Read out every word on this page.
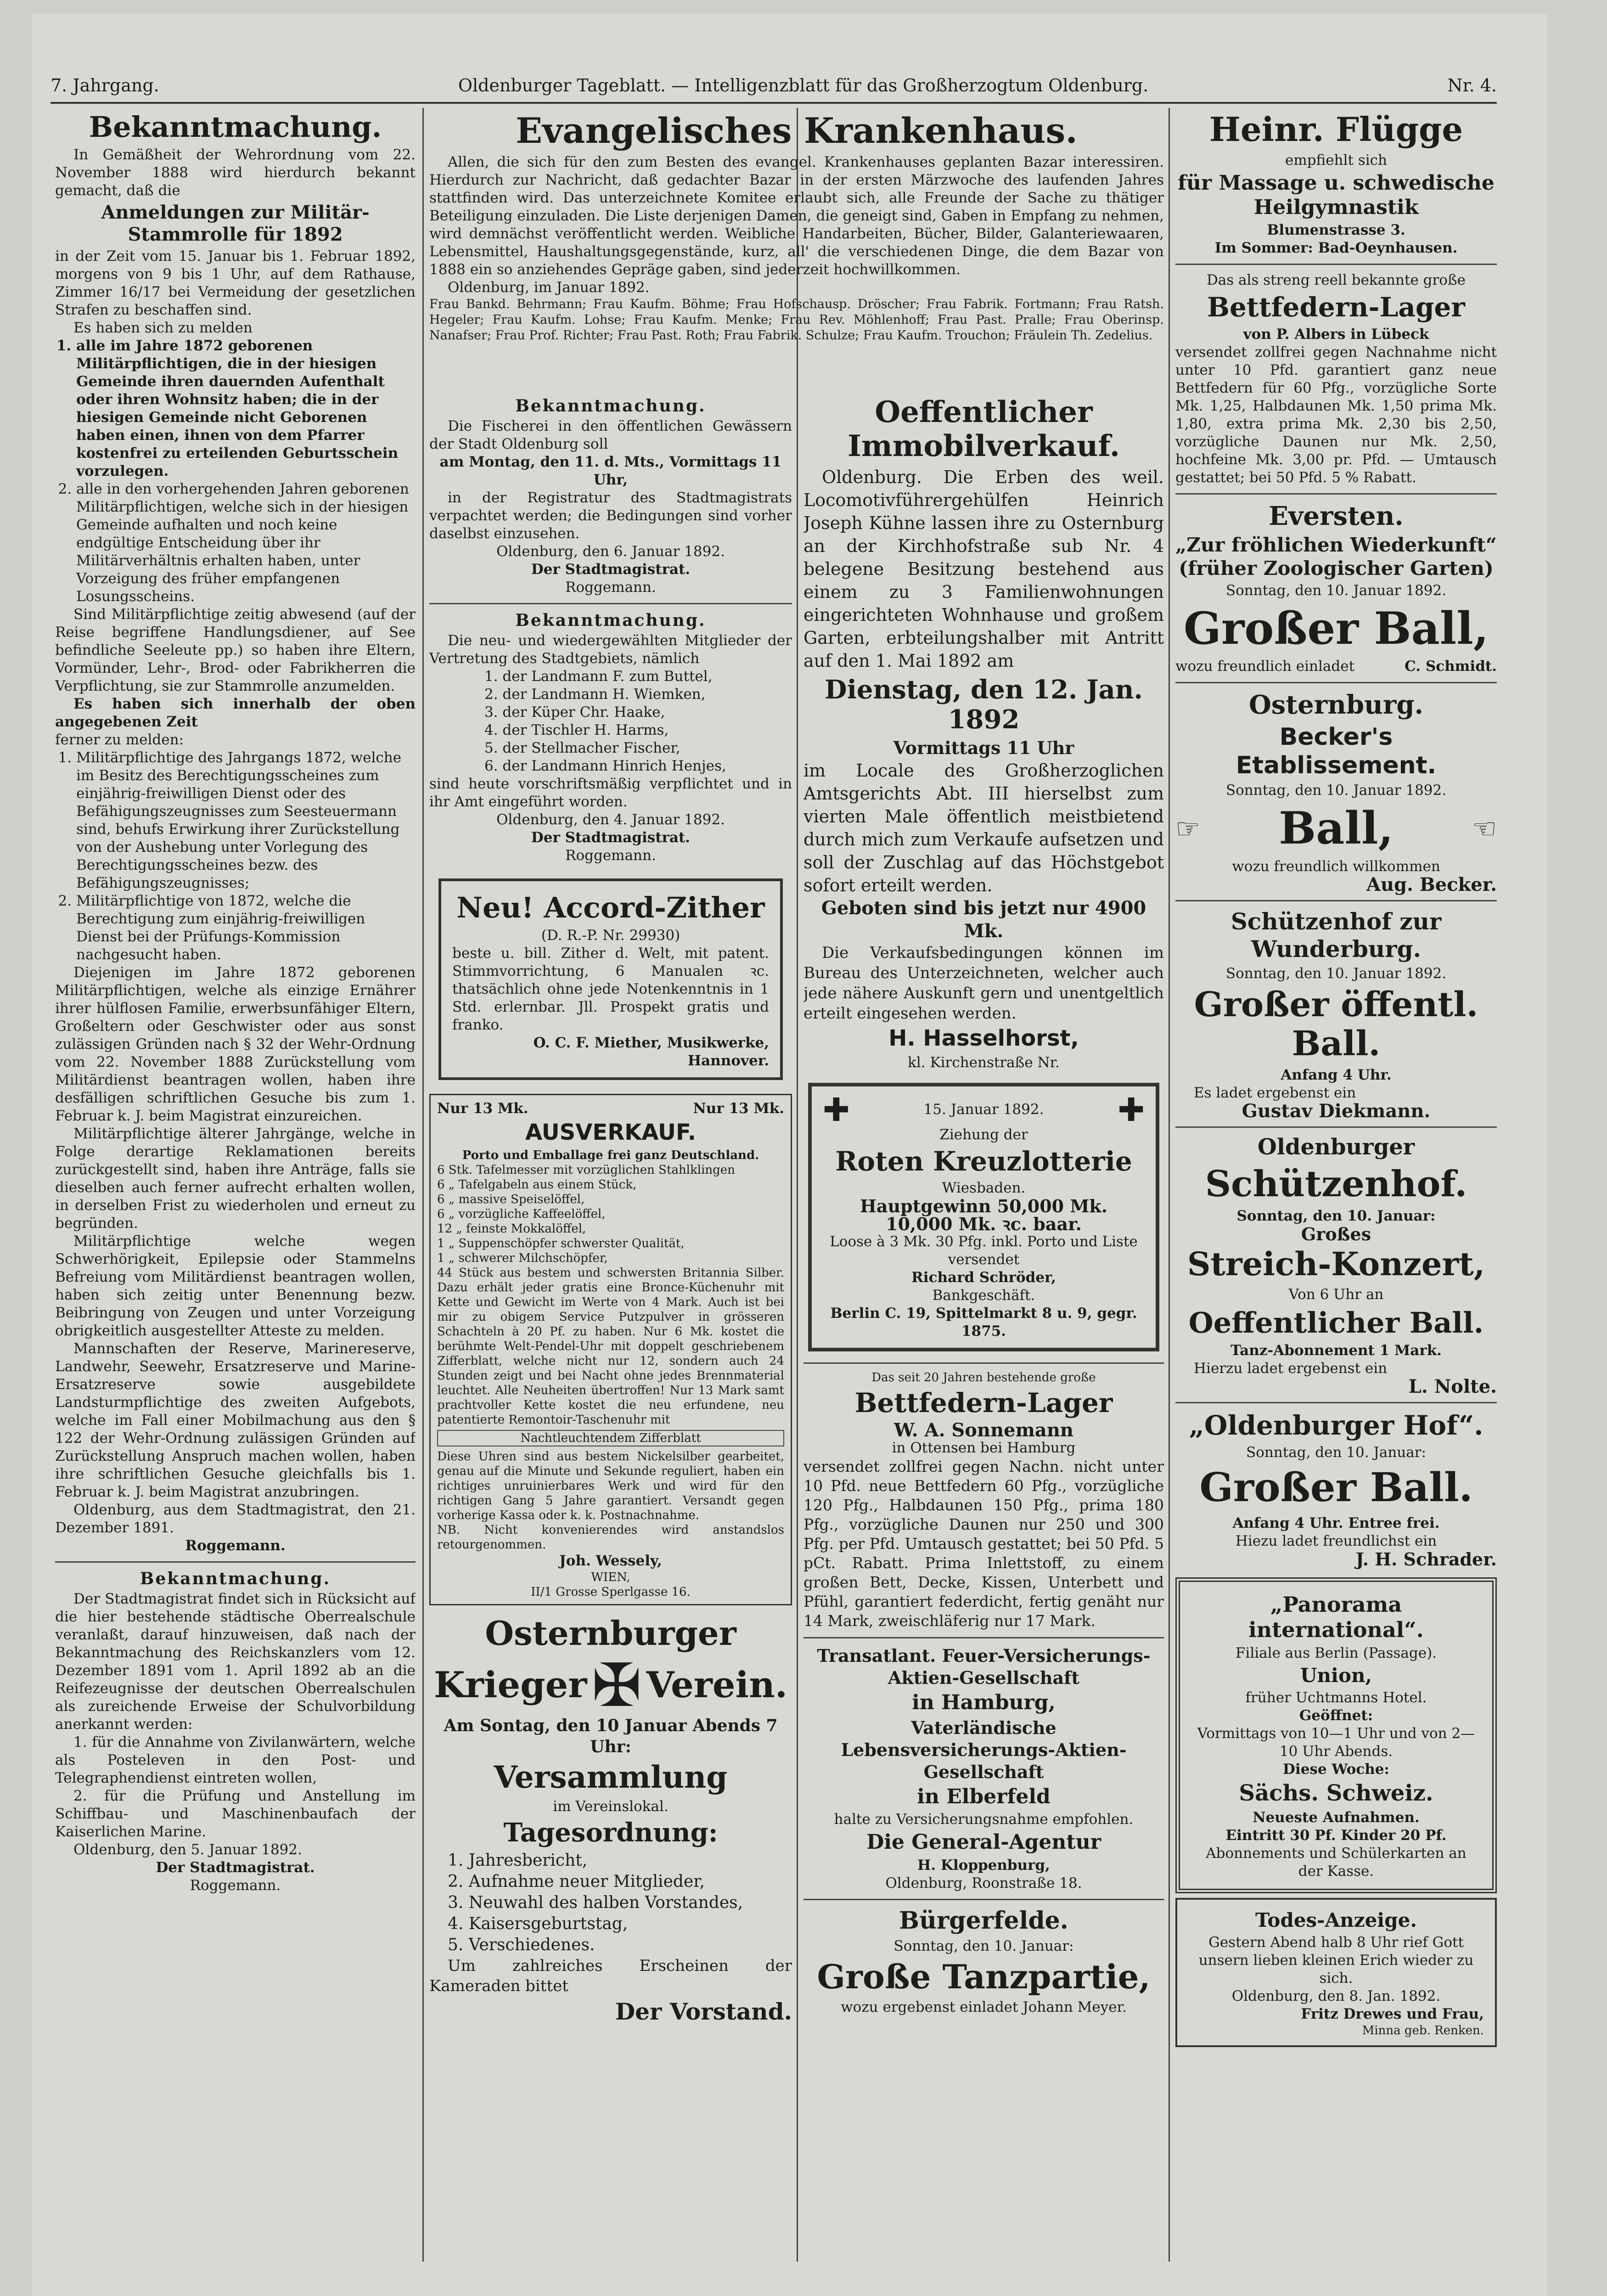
7. Jahrgang.	Oldenburger Tageblatt. — Intelligenzblatt für das Großherzogtum Oldenburg.	Nr. 4.
Bekanntmachung.

In Gemäßheit der Wehrordnung vom 22. November 1888 wird hierdurch bekannt gemacht, daß die

Anmeldungen zur Militär-Stammrolle für 1892

in der Zeit vom 15. Januar bis 1. Februar 1892, morgens von 9 bis 1 Uhr, auf dem Rathause, Zimmer 16/17 bei Vermeidung der gesetzlichen Strafen zu beschaffen sind.

Es haben sich zu melden

1. alle im Jahre 1872 geborenen Militärpflichtigen, die in der hiesigen Gemeinde ihren dauernden Aufenthalt oder ihren Wohnsitz haben; die in der hiesigen Gemeinde nicht Geborenen haben einen, ihnen von dem Pfarrer kostenfrei zu erteilenden Geburtsschein vorzulegen.
2. alle in den vorhergehenden Jahren geborenen Militärpflichtigen, welche sich in der hiesigen Gemeinde aufhalten und noch keine endgültige Entscheidung über ihr Militärverhältnis erhalten haben, unter Vorzeigung des früher empfangenen Losungsscheins.

Sind Militärpflichtige zeitig abwesend (auf der Reise begriffene Handlungsdiener, auf See befindliche Seeleute pp.) so haben ihre Eltern, Vormünder, Lehr-, Brod- oder Fabrikherren die Verpflichtung, sie zur Stammrolle anzumelden.

Es haben sich innerhalb der oben angegebenen Zeit

ferner zu melden:

1. Militärpflichtige des Jahrgangs 1872, welche im Besitz des Berechtigungsscheines zum einjährig-freiwilligen Dienst oder des Befähigungszeugnisses zum Seesteuermann sind, behufs Erwirkung ihrer Zurückstellung von der Aushebung unter Vorlegung des Berechtigungsscheines bezw. des Befähigungszeugnisses;
2. Militärpflichtige von 1872, welche die Berechtigung zum einjährig-freiwilligen Dienst bei der Prüfungs-Kommission nachgesucht haben.

Diejenigen im Jahre 1872 geborenen Militärpflichtigen, welche als einzige Ernährer ihrer hülflosen Familie, erwerbsunfähiger Eltern, Großeltern oder Geschwister oder aus sonst zulässigen Gründen nach § 32 der Wehr-Ordnung vom 22. November 1888 Zurückstellung vom Militärdienst beantragen wollen, haben ihre desfälligen schriftlichen Gesuche bis zum 1. Februar k. J. beim Magistrat einzureichen.

Militärpflichtige älterer Jahrgänge, welche in Folge derartige Reklamationen bereits zurückgestellt sind, haben ihre Anträge, falls sie dieselben auch ferner aufrecht erhalten wollen, in derselben Frist zu wiederholen und erneut zu begründen.

Militärpflichtige welche wegen Schwerhörigkeit, Epilepsie oder Stammelns Befreiung vom Militärdienst beantragen wollen, haben sich zeitig unter Benennung bezw. Beibringung von Zeugen und unter Vorzeigung obrigkeitlich ausgestellter Atteste zu melden.

Mannschaften der Reserve, Marinereserve, Landwehr, Seewehr, Ersatzreserve und Marine-Ersatzreserve sowie ausgebildete Landsturmpflichtige des zweiten Aufgebots, welche im Fall einer Mobilmachung aus den § 122 der Wehr-Ordnung zulässigen Gründen auf Zurückstellung Anspruch machen wollen, haben ihre schriftlichen Gesuche gleichfalls bis 1. Februar k. J. beim Magistrat anzubringen.

Oldenburg, aus dem Stadtmagistrat, den 21. Dezember 1891.

Roggemann.

Bekanntmachung.

Der Stadtmagistrat findet sich in Rücksicht auf die hier bestehende städtische Oberrealschule veranlaßt, darauf hinzuweisen, daß nach der Bekanntmachung des Reichskanzlers vom 12. Dezember 1891 vom 1. April 1892 ab an die Reifezeugnisse der deutschen Oberrealschulen als zureichende Erweise der Schulvorbildung anerkannt werden:

1. für die Annahme von Zivilanwärtern, welche als Posteleven in den Post- und Telegraphendienst eintreten wollen,

2. für die Prüfung und Anstellung im Schiffbau- und Maschinenbaufach der Kaiserlichen Marine.

Oldenburg, den 5. Januar 1892.

Der Stadtmagistrat.

Roggemann.

Evangelisches Krankenhaus.

Allen, die sich für den zum Besten des evangel. Krankenhauses geplanten Bazar interessiren. Hierdurch zur Nachricht, daß gedachter Bazar in der ersten Märzwoche des laufenden Jahres stattfinden wird. Das unterzeichnete Komitee erlaubt sich, alle Freunde der Sache zu thätiger Beteiligung einzuladen. Die Liste derjenigen Damen, die geneigt sind, Gaben in Empfang zu nehmen, wird demnächst veröffentlicht werden. Weibliche Handarbeiten, Bücher, Bilder, Galanteriewaaren, Lebensmittel, Haushaltungsgegenstände, kurz, all' die verschiedenen Dinge, die dem Bazar von 1888 ein so anziehendes Gepräge gaben, sind jederzeit hochwillkommen.

Oldenburg, im Januar 1892.

Frau Bankd. Behrmann; Frau Kaufm. Böhme; Frau Hofschausp. Dröscher; Frau Fabrik. Fortmann; Frau Ratsh. Hegeler; Frau Kaufm. Lohse; Frau Kaufm. Menke; Frau Rev. Möhlenhoff; Frau Past. Pralle; Frau Oberinsp. Nanafser; Frau Prof. Richter; Frau Past. Roth; Frau Fabrik. Schulze; Frau Kaufm. Trouchon; Fräulein Th. Zedelius.

Bekanntmachung.

Die Fischerei in den öffentlichen Gewässern der Stadt Oldenburg soll

am Montag, den 11. d. Mts., Vormittags 11 Uhr,

in der Registratur des Stadtmagistrats verpachtet werden; die Bedingungen sind vorher daselbst einzusehen.

Oldenburg, den 6. Januar 1892.

Der Stadtmagistrat.

Roggemann.

Bekanntmachung.

Die neu- und wiedergewählten Mitglieder der Vertretung des Stadtgebiets, nämlich

1. der Landmann F. zum Buttel,

2. der Landmann H. Wiemken,

3. der Küper Chr. Haake,

4. der Tischler H. Harms,

5. der Stellmacher Fischer,

6. der Landmann Hinrich Henjes,

sind heute vorschriftsmäßig verpflichtet und in ihr Amt eingeführt worden.

Oldenburg, den 4. Januar 1892.

Der Stadtmagistrat.

Roggemann.

Neu! Accord-Zither

(D. R.-P. Nr. 29930)

beste u. bill. Zither d. Welt, mit patent. Stimmvorrichtung, 6 Manualen ꝛc. thatsächlich ohne jede Notenkenntnis in 1 Std. erlernbar. Jll. Prospekt gratis und franko.

O. C. F. Miether, Musikwerke, Hannover.

Nur 13 Mk.	Nur 13 Mk.
AUSVERKAUF.

Porto und Emballage frei ganz Deutschland.

6 Stk. Tafelmesser mit vorzüglichen Stahlklingen

6 „ Tafelgabeln aus einem Stück,

6 „ massive Speiselöffel,

6 „ vorzügliche Kaffeelöffel,

12 „ feinste Mokkalöffel,

1 „ Suppenschöpfer schwerster Qualität,

1 „ schwerer Milchschöpfer,

44 Stück aus bestem und schwersten Britannia Silber. Dazu erhält jeder gratis eine Bronce-Küchenuhr mit Kette und Gewicht im Werte von 4 Mark. Auch ist bei mir zu obigem Service Putzpulver in grösseren Schachteln à 20 Pf. zu haben. Nur 6 Mk. kostet die berühmte Welt-Pendel-Uhr mit doppelt geschriebenem Zifferblatt, welche nicht nur 12, sondern auch 24 Stunden zeigt und bei Nacht ohne jedes Brennmaterial leuchtet. Alle Neuheiten übertroffen! Nur 13 Mark samt prachtvoller Kette kostet die neu erfundene, neu patentierte Remontoir-Taschenuhr mit

Nachtleuchtendem Zifferblatt

Diese Uhren sind aus bestem Nickelsilber gearbeitet, genau auf die Minute und Sekunde reguliert, haben ein richtiges unruinierbares Werk und wird für den richtigen Gang 5 Jahre garantiert. Versandt gegen vorherige Kassa oder k. k. Postnachnahme.

NB. Nicht konvenierendes wird anstandslos retourgenommen.

Joh. Wessely,

WIEN,

II/1 Grosse Sperlgasse 16.

Osternburger
Krieger ✠ Verein.

Am Sontag, den 10 Januar Abends 7 Uhr:

Versammlung

im Vereinslokal.

Tagesordnung:

1. Jahresbericht,

2. Aufnahme neuer Mitglieder,

3. Neuwahl des halben Vorstandes,

4. Kaisersgeburtstag,

5. Verschiedenes.

Um zahlreiches Erscheinen der Kameraden bittet

Der Vorstand.
Oeffentlicher Immobilverkauf.

Oldenburg. Die Erben des weil. Locomotivführergehülfen Heinrich Joseph Kühne lassen ihre zu Osternburg an der Kirchhofstraße sub Nr. 4 belegene Besitzung bestehend aus einem zu 3 Familienwohnungen eingerichteten Wohnhause und großem Garten, erbteilungshalber mit Antritt auf den 1. Mai 1892 am

Dienstag, den 12. Jan. 1892

Vormittags 11 Uhr

im Locale des Großherzoglichen Amtsgerichts Abt. III hierselbst zum vierten Male öffentlich meistbietend durch mich zum Verkaufe aufsetzen und soll der Zuschlag auf das Höchstgebot sofort erteilt werden.

Geboten sind bis jetzt nur 4900 Mk.

Die Verkaufsbedingungen können im Bureau des Unterzeichneten, welcher auch jede nähere Auskunft gern und unentgeltlich erteilt eingesehen werden.

H. Hasselhorst,

kl. Kirchenstraße Nr.

✚	15. Januar 1892. ✚

Ziehung der

Roten Kreuzlotterie

Wiesbaden.

Hauptgewinn 50,000 Mk.

10,000 Mk. ꝛc. baar.

Loose à 3 Mk. 30 Pfg. inkl. Porto und Liste versendet

Richard Schröder,

Bankgeschäft.

Berlin C. 19, Spittelmarkt 8 u. 9, gegr. 1875.

Das seit 20 Jahren bestehende große

Bettfedern-Lager

W. A. Sonnemann

in Ottensen bei Hamburg

versendet zollfrei gegen Nachn. nicht unter 10 Pfd. neue Bettfedern 60 Pfg., vorzügliche 120 Pfg., Halbdaunen 150 Pfg., prima 180 Pfg., vorzügliche Daunen nur 250 und 300 Pfg. per Pfd. Umtausch gestattet; bei 50 Pfd. 5 pCt. Rabatt. Prima Inlettstoff, zu einem großen Bett, Decke, Kissen, Unterbett und Pfühl, garantiert federdicht, fertig genäht nur 14 Mark, zweischläferig nur 17 Mark.

Transatlant. Feuer-Versicherungs-Aktien-Gesellschaft

in Hamburg,

Vaterländische Lebensversicherungs-Aktien-Gesellschaft

in Elberfeld

halte zu Versicherungsnahme empfohlen.

Die General-Agentur

H. Kloppenburg,

Oldenburg, Roonstraße 18.

Bürgerfelde.

Sonntag, den 10. Januar:

Große Tanzpartie,

wozu ergebenst einladet Johann Meyer.

Heinr. Flügge

empfiehlt sich

für Massage u. schwedische Heilgymnastik

Blumenstrasse 3.

Im Sommer: Bad-Oeynhausen.

Das als streng reell bekannte große

Bettfedern-Lager

von P. Albers in Lübeck

versendet zollfrei gegen Nachnahme nicht unter 10 Pfd. garantiert ganz neue Bettfedern für 60 Pfg., vorzügliche Sorte Mk. 1,25, Halbdaunen Mk. 1,50 prima Mk. 1,80, extra prima Mk. 2,30 bis 2,50, vorzügliche Daunen nur Mk. 2,50, hochfeine Mk. 3,00 pr. Pfd. — Umtausch gestattet; bei 50 Pfd. 5 % Rabatt.

Eversten.
„Zur fröhlichen Wiederkunft“ (früher Zoologischer Garten)

Sonntag, den 10. Januar 1892.

Großer Ball,
wozu freundlich einladet	C. Schmidt.
Osternburg.
Becker's Etablissement.

Sonntag, den 10. Januar 1892.

☞ Ball,	☜

wozu freundlich willkommen

Aug. Becker.

Schützenhof zur Wunderburg.

Sonntag, den 10. Januar 1892.

Großer öffentl. Ball.

Anfang 4 Uhr.

Es ladet ergebenst ein

Gustav Diekmann.

Oldenburger
Schützenhof.

Sonntag, den 10. Januar:

Großes

Streich-Konzert,

Von 6 Uhr an

Oeffentlicher Ball.

Tanz-Abonnement 1 Mark.

Hierzu ladet ergebenst ein

L. Nolte.

„Oldenburger Hof“.

Sonntag, den 10. Januar:

Großer Ball.

Anfang 4 Uhr. Entree frei.

Hiezu ladet freundlichst ein

J. H. Schrader.

„Panorama international“.

Filiale aus Berlin (Passage).

Union,

früher Uchtmanns Hotel.

Geöffnet:

Vormittags von 10—1 Uhr und von 2—10 Uhr Abends.

Diese Woche:

Sächs. Schweiz.

Neueste Aufnahmen.

Eintritt 30 Pf. Kinder 20 Pf.

Abonnements und Schülerkarten an der Kasse.

Todes-Anzeige.

Gestern Abend halb 8 Uhr rief Gott unsern lieben kleinen Erich wieder zu sich.

Oldenburg, den 8. Jan. 1892.

Fritz Drewes und Frau,

Minna geb. Renken.
